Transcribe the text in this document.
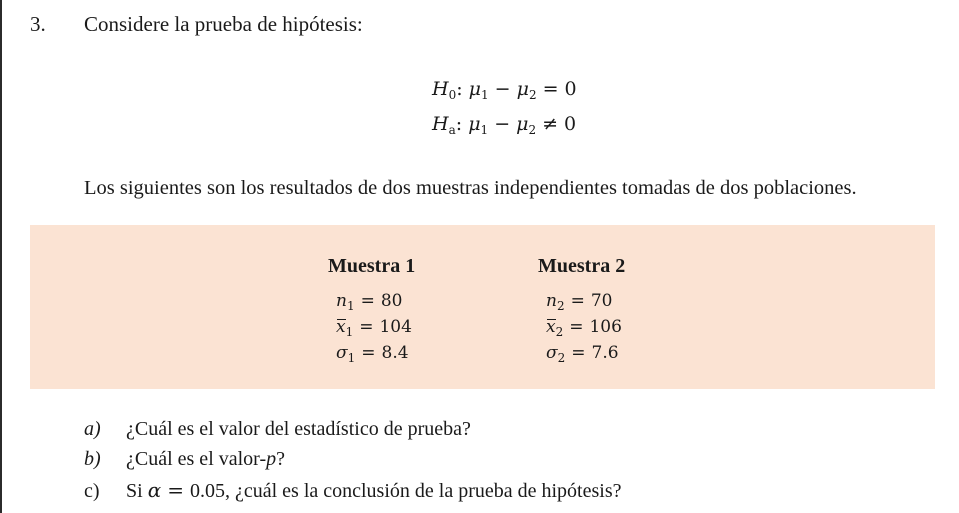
3. Considere la prueba de hipótesis:
$H_0$: $\mu_1 - \mu_2 = 0$
$H_a$: $\mu_1 - \mu_2 \ne 0$
Los siguientes son los resultados de dos muestras independientes tomadas de dos poblaciones.
Muestra 1
$n_1 = 80$
$x_1 = 104$
$\sigma_1 = 8.4$
Muestra 2
$n_2 = 70$
$x_2 = 106$
$\sigma_2 = 7.6$
a) ¿Cuál es el valor del estadístico de prueba?
b) ¿Cuál es el valor-p?
c) Si α = 0.05, ¿cuál es la conclusión de la prueba de hipótesis?
